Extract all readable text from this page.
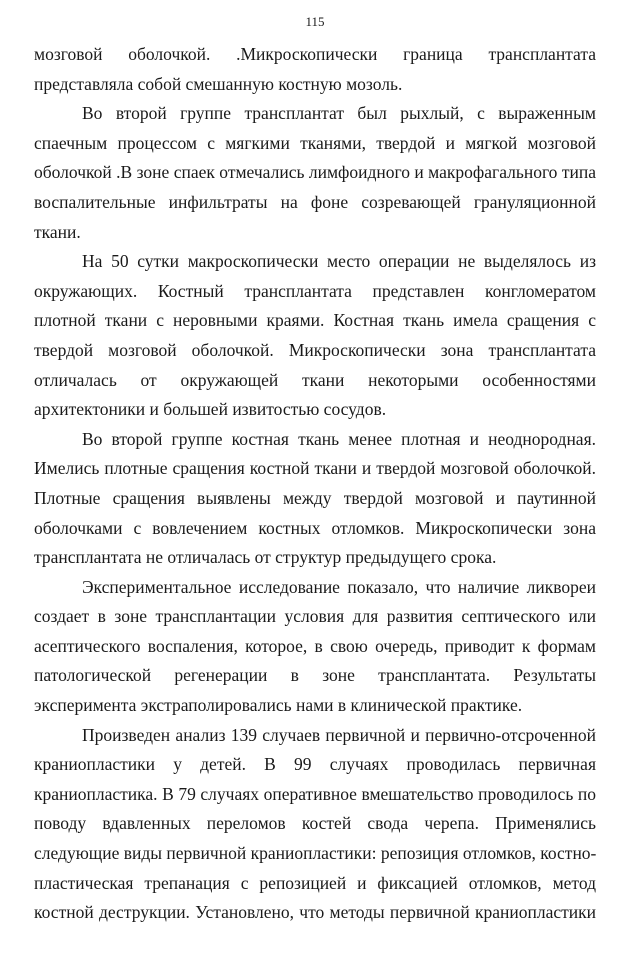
115

мозговой оболочкой. .Микроскопически граница трансплантата
представляла собой смешанную костную мозоль.

Во второй группе трансплантат был рыхлый, с выраженным
спаечным процессом с мягкими тканями, твердой и мягкой мозговой
оболочкой .В зоне спаек отмечались лимфоидного и макрофагального типа
воспалительные инфильтраты на фоне созревающей грануляционной
ткани.

На 50 сутки макроскопически место операции не выделялось из
окружающих. Костный трансплантата представлен конгломератом
плотной ткани с неровными краями. Костная ткань имела сращения с
твердой мозговой оболочкой. Микроскопически зона трансплантата
отличалась от окружающей ткани некоторыми особенностями
архитектоники и большей извитостью сосудов.

Во второй группе костная ткань менее плотная и неоднородная.
Имелись плотные сращения костной ткани и твердой мозговой оболочкой.
Плотные сращения выявлены между твердой мозговой и паутинной
оболочками с вовлечением костных отломков. Микроскопически зона
трансплантата не отличалась от структур предыдущего срока.

Экспериментальное исследование показало, что наличие ликвореи
создает в зоне трансплантации условия для развития септического или
асептического воспаления, которое, в свою очередь, приводит к формам
патологической регенерации в зоне трансплантата. Результаты
эксперимента экстраполировались нами в клинической практике.

Произведен анализ 139 случаев первичной и первично-отсроченной
краниопластики у детей. В 99 случаях проводилась первичная
краниопластика. В 79 случаях оперативное вмешательство проводилось по
поводу вдавленных переломов костей свода черепа. Применялись
следующие виды первичной краниопластики: репозиция отломков, костно-
пластическая трепанация с репозицией и фиксацией отломков, метод
костной деструкции. Установлено, что методы первичной краниопластики
